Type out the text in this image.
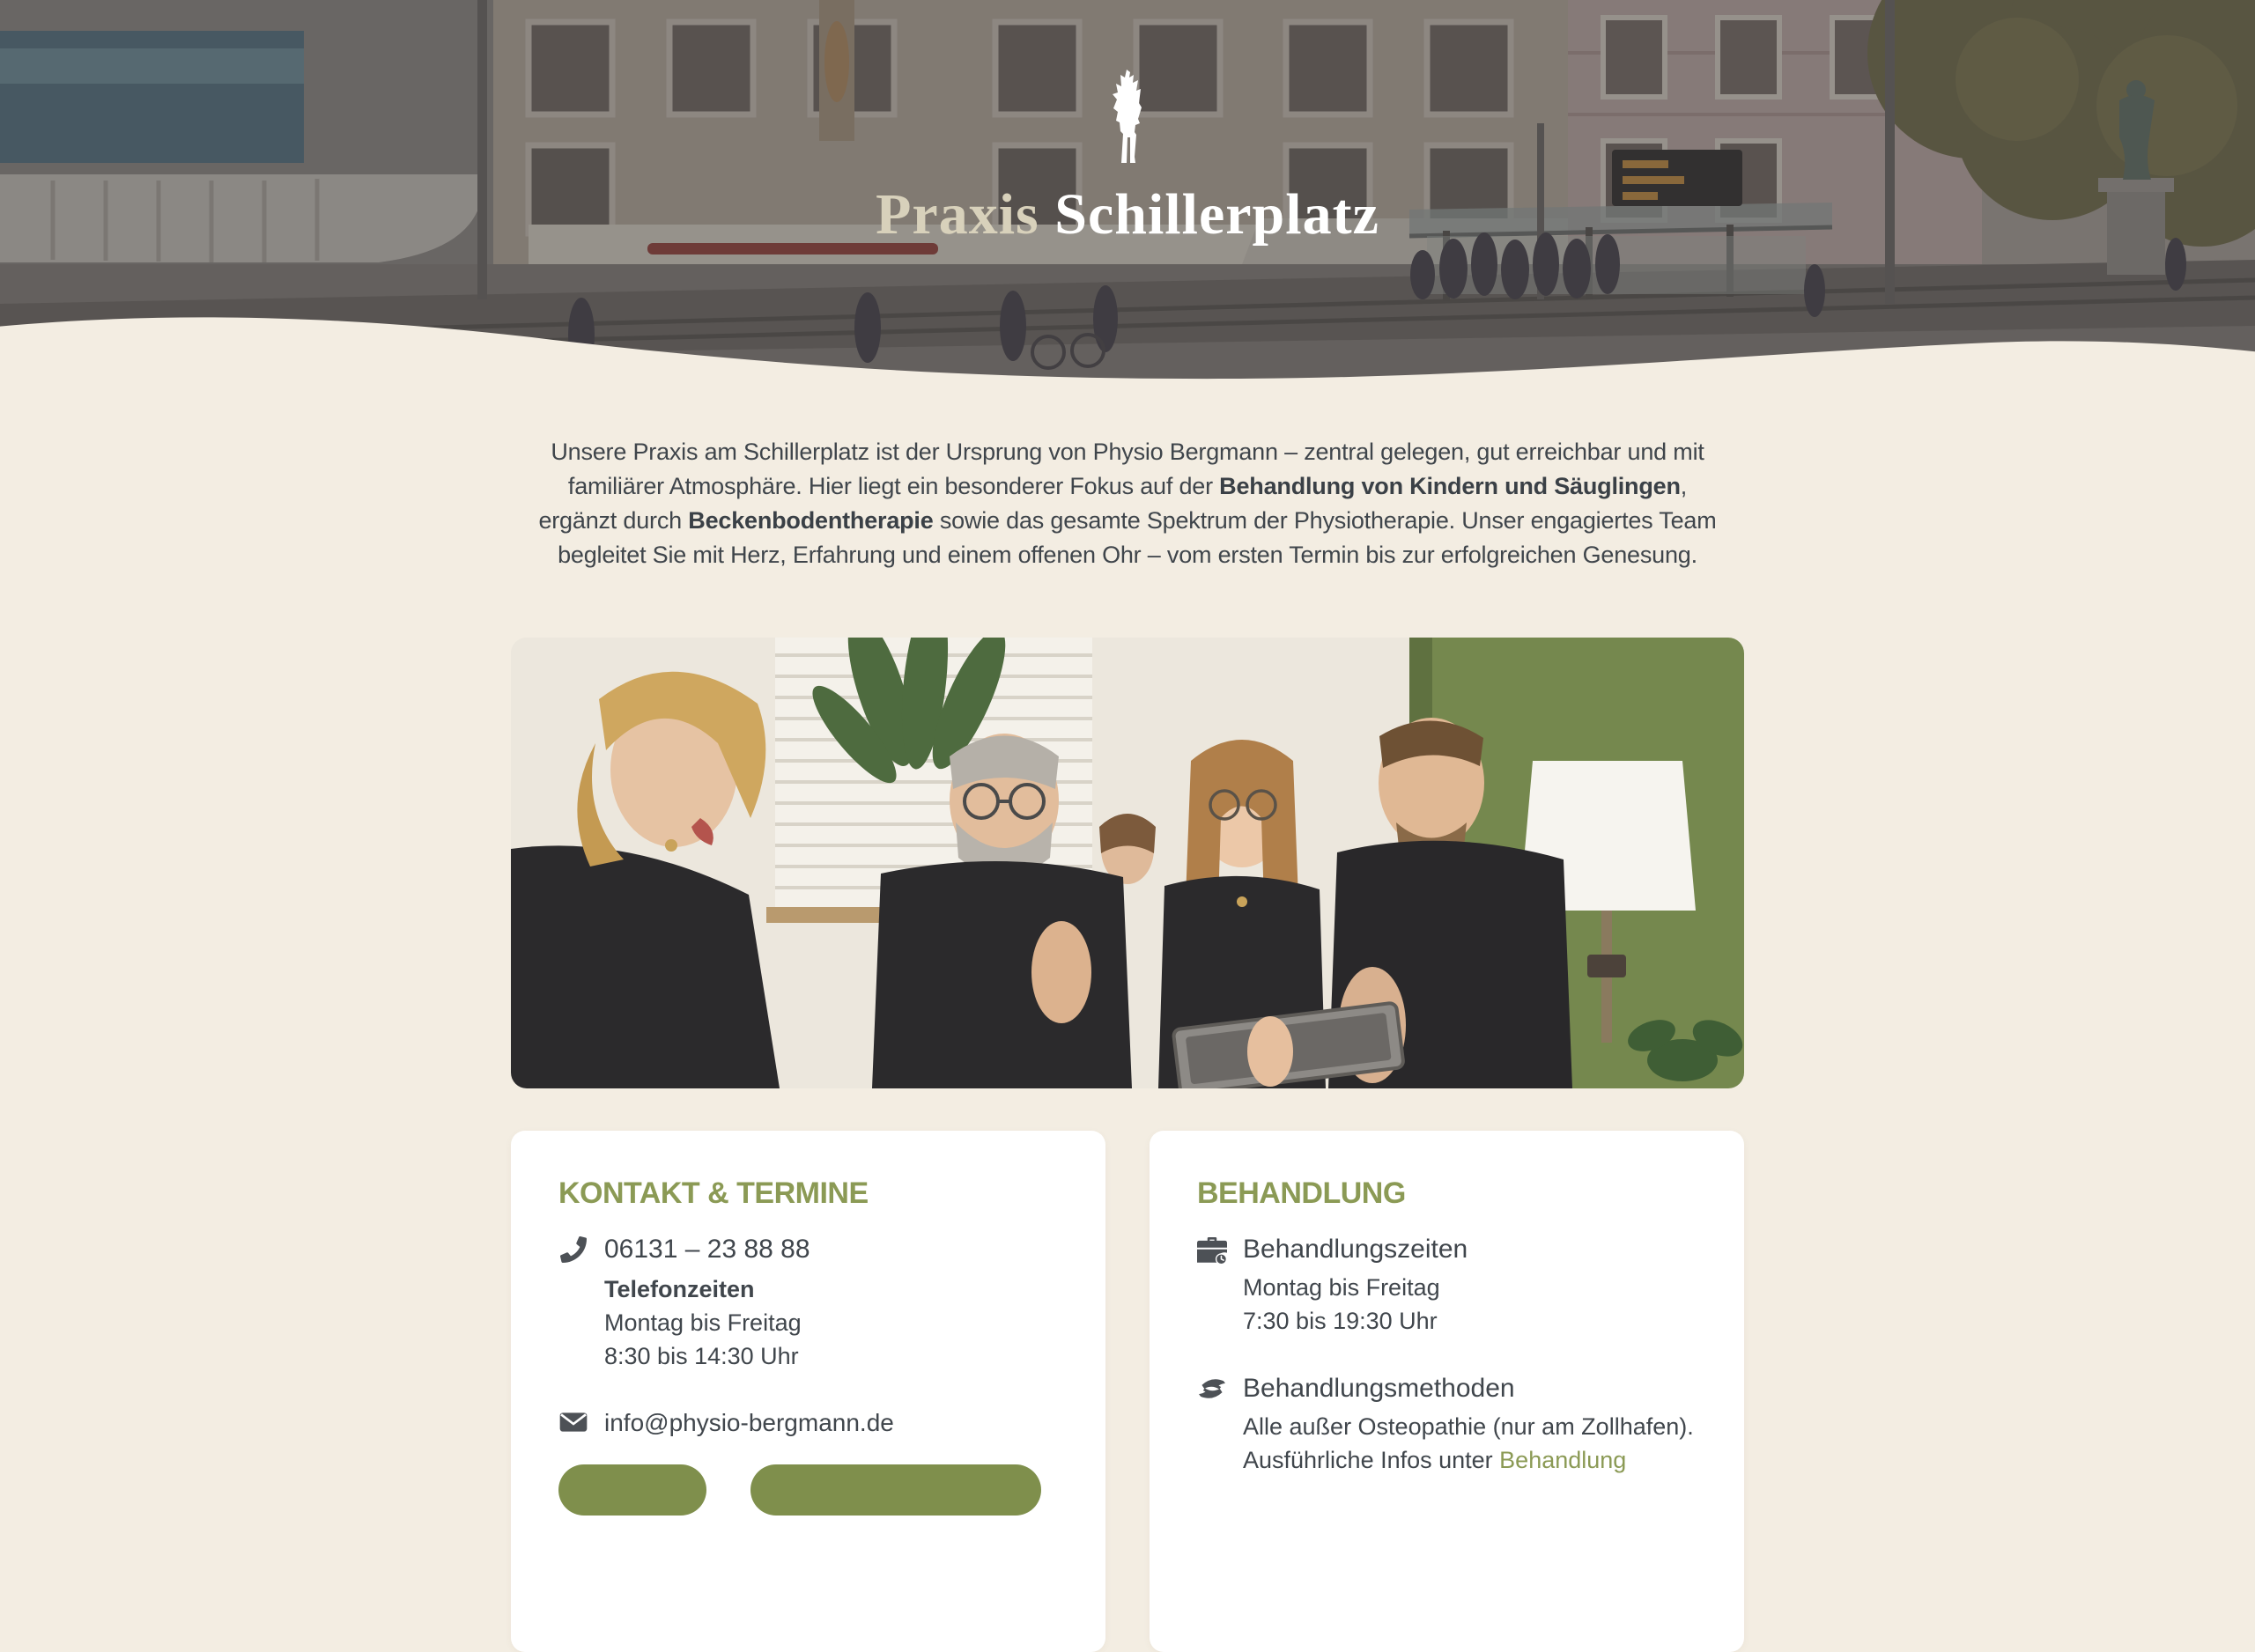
Praxis Schillerplatz

Unsere Praxis am Schillerplatz ist der Ursprung von Physio Bergmann – zentral gelegen, gut erreichbar und mit familiärer Atmosphäre. Hier liegt ein besonderer Fokus auf der Behandlung von Kindern und Säuglingen, ergänzt durch Beckenbodentherapie sowie das gesamte Spektrum der Physiotherapie. Unser engagiertes Team begleitet Sie mit Herz, Erfahrung und einem offenen Ohr – vom ersten Termin bis zur erfolgreichen Genesung.

KONTAKT & TERMINE
06131 – 23 88 88
Telefonzeiten
Montag bis Freitag
8:30 bis 14:30 Uhr
info@physio-bergmann.de
BEHANDLUNG
Behandlungszeiten
Montag bis Freitag
7:30 bis 19:30 Uhr
Behandlungsmethoden
Alle außer Osteopathie (nur am Zollhafen).
Ausführliche Infos unter Behandlung
